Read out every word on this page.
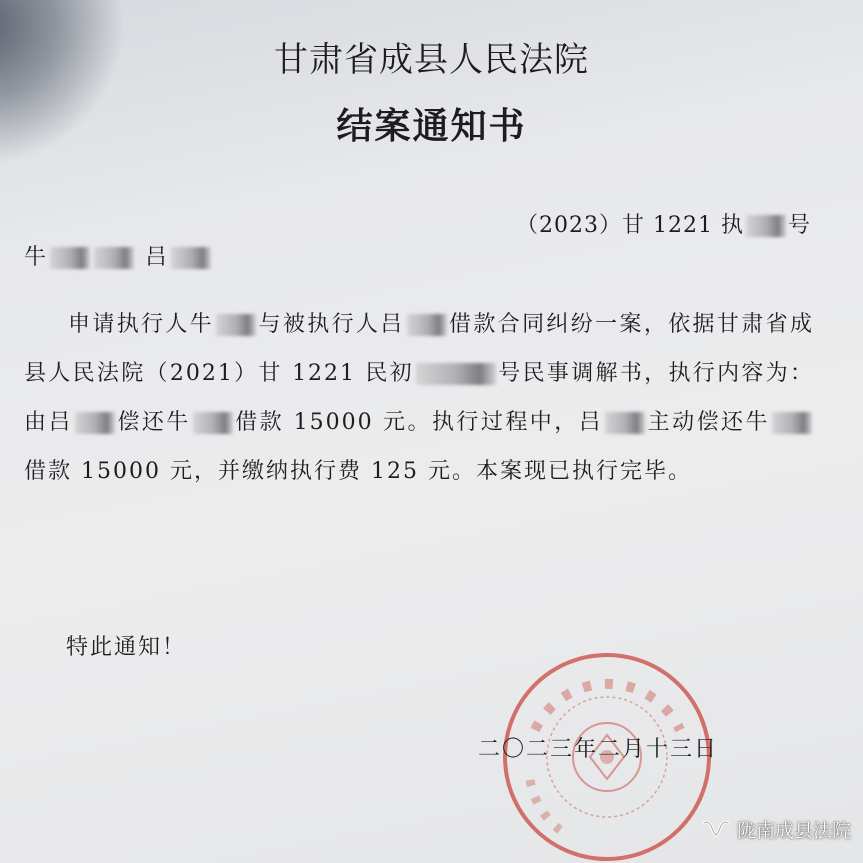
甘肃省成县人民法院
结案通知书
（2023）甘 1221 执 号
牛	吕
申请执行人牛 与被执行人吕 借款合同纠纷一案，依据甘肃省成县人民法院（2021）甘 1221 民初	号民事调解书，执行内容为：由吕 偿还牛 借款 15000 元。执行过程中，吕 主动偿还牛借款 15000 元，并缴纳执行费 125 元。本案现已执行完毕。
特此通知！
二〇二三年二月十三日
陇南成县法院
